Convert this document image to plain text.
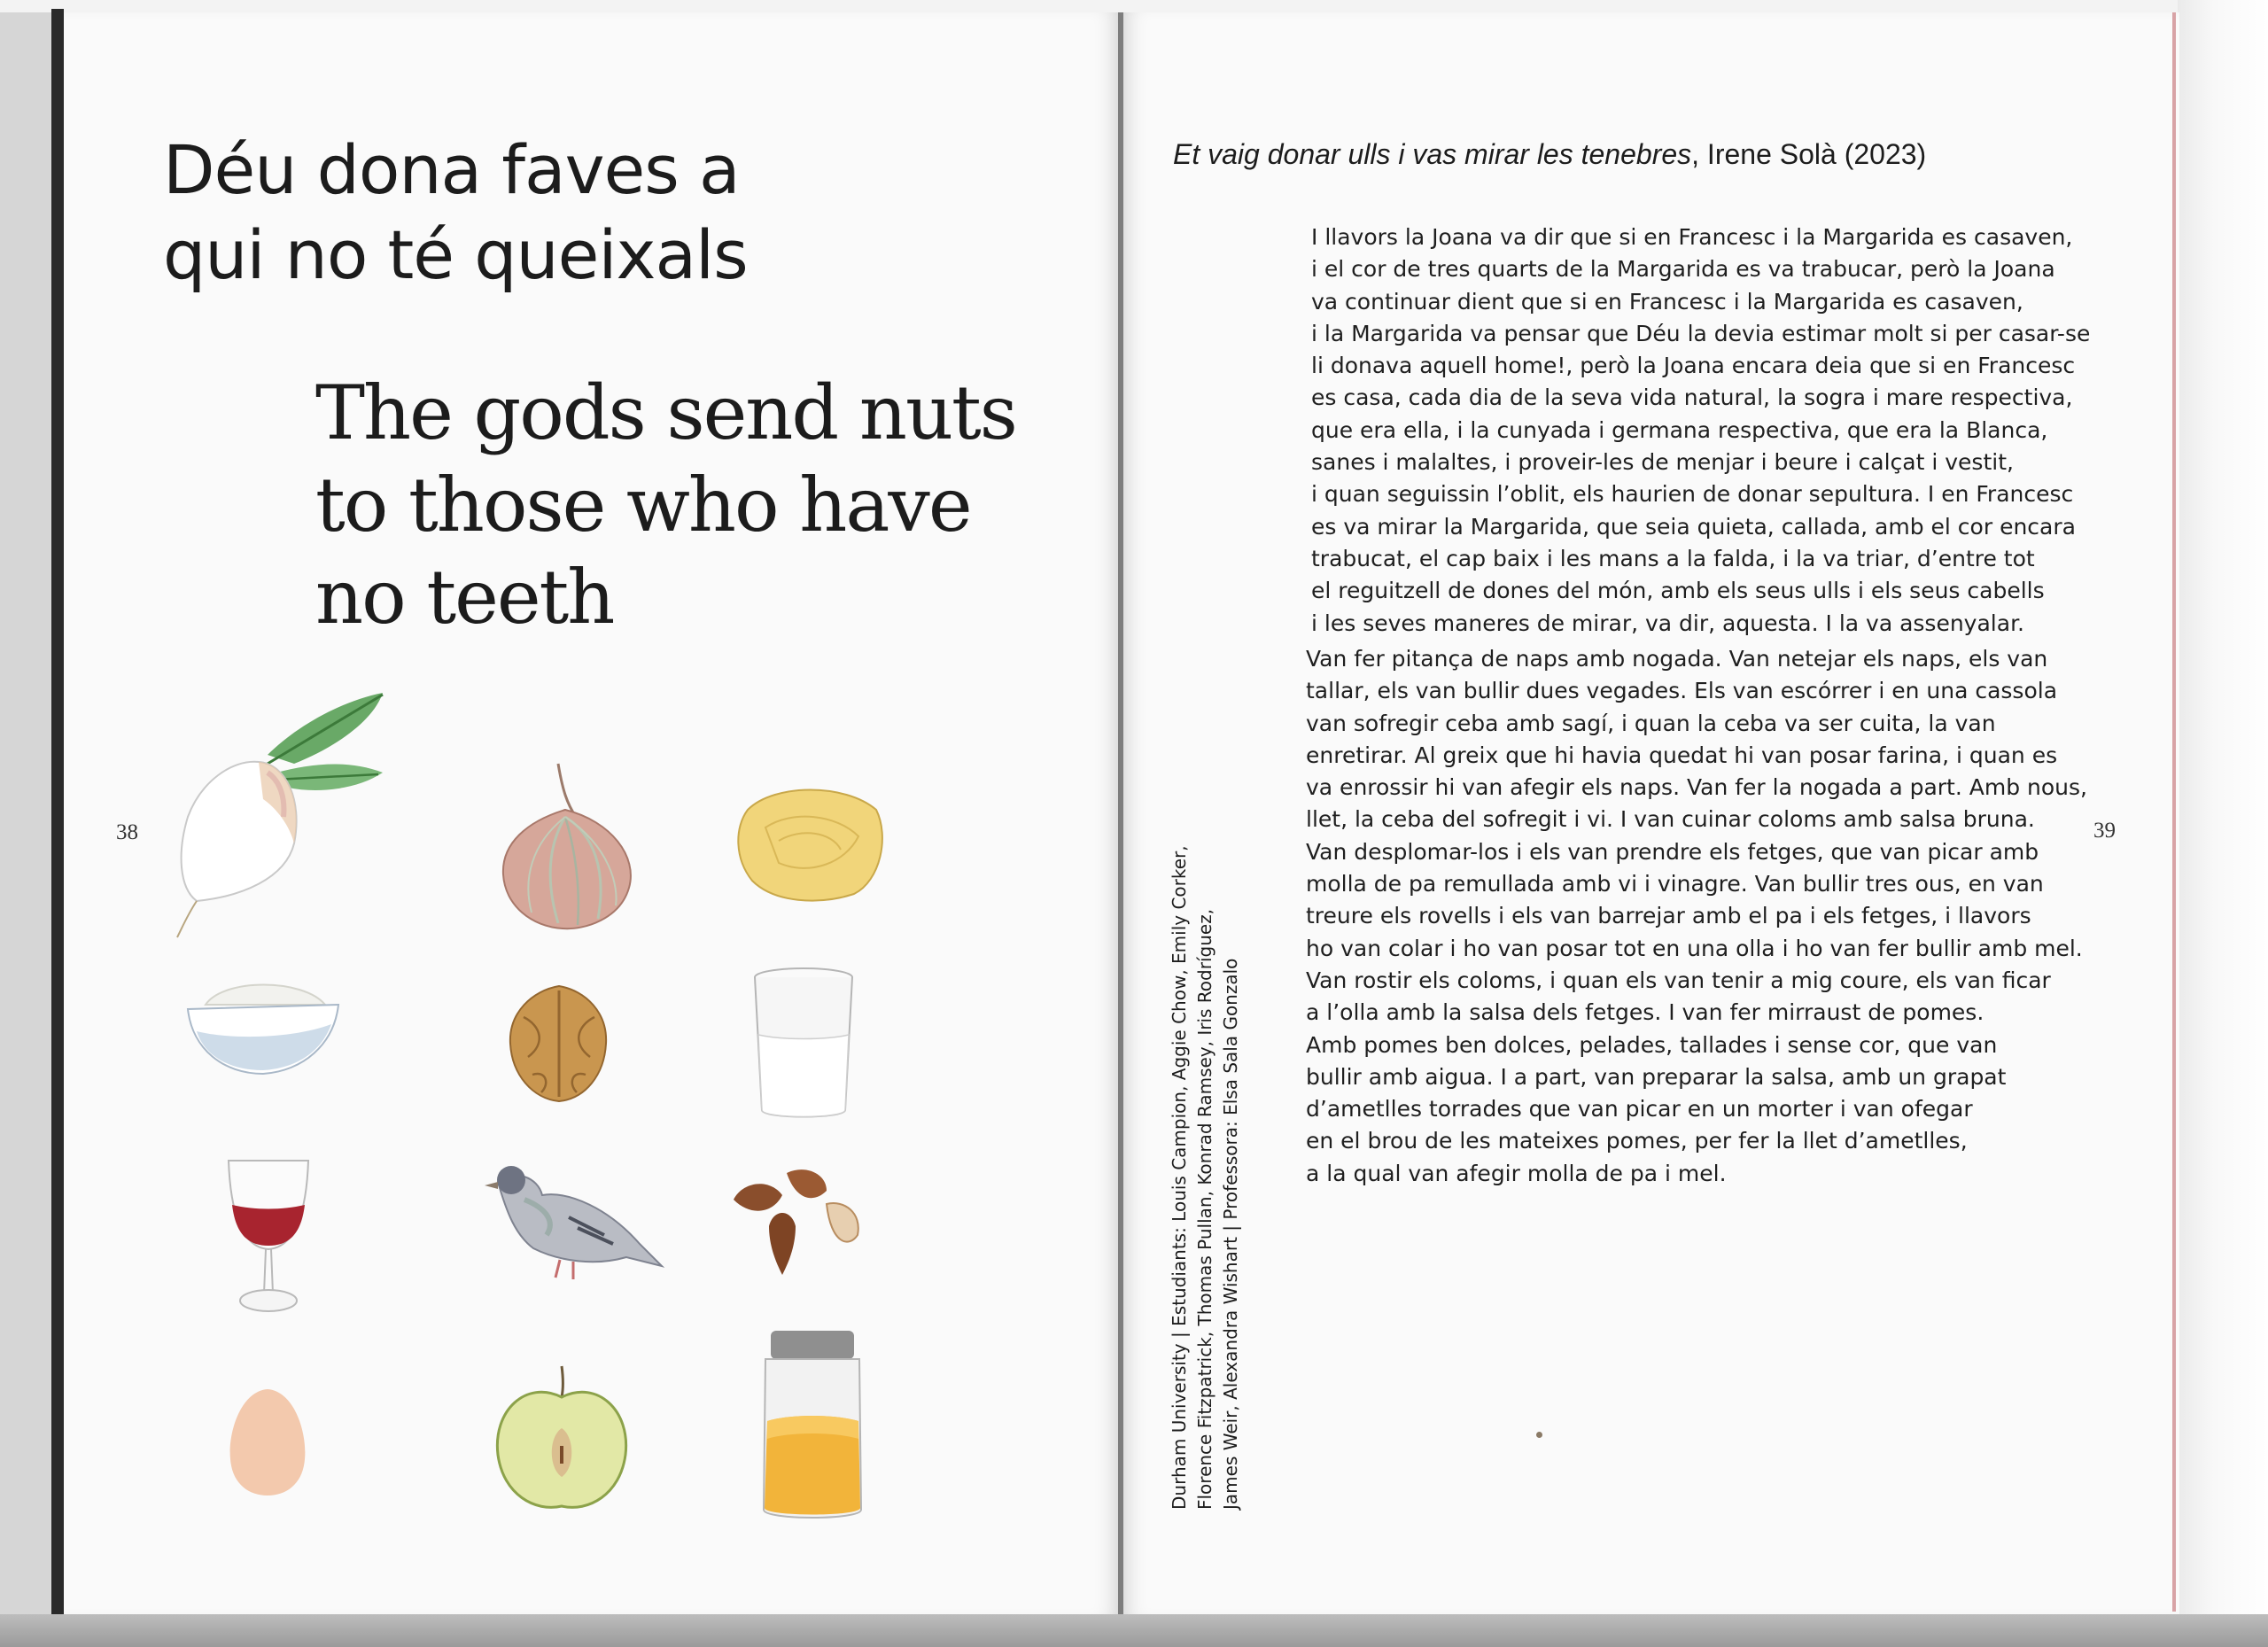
Déu dona faves a
qui no té queixals
The gods send nuts
to those who have
no teeth
38
Et vaig donar ulls i vas mirar les tenebres, Irene Solà (2023)
I llavors la Joana va dir que si en Francesc i la Margarida es casaven,
i el cor de tres quarts de la Margarida es va trabucar, però la Joana
va continuar dient que si en Francesc i la Margarida es casaven,
i la Margarida va pensar que Déu la devia estimar molt si per casar-se
li donava aquell home!, però la Joana encara deia que si en Francesc
es casa, cada dia de la seva vida natural, la sogra i mare respectiva,
que era ella, i la cunyada i germana respectiva, que era la Blanca,
sanes i malaltes, i proveir-les de menjar i beure i calçat i vestit,
i quan seguissin l’oblit, els haurien de donar sepultura. I en Francesc
es va mirar la Margarida, que seia quieta, callada, amb el cor encara
trabucat, el cap baix i les mans a la falda, i la va triar, d’entre tot
el reguitzell de dones del món, amb els seus ulls i els seus cabells
i les seves maneres de mirar, va dir, aquesta. I la va assenyalar.
Van fer pitança de naps amb nogada. Van netejar els naps, els van
tallar, els van bullir dues vegades. Els van escórrer i en una cassola
van sofregir ceba amb sagí, i quan la ceba va ser cuita, la van
enretirar. Al greix que hi havia quedat hi van posar farina, i quan es
va enrossir hi van afegir els naps. Van fer la nogada a part. Amb nous,
llet, la ceba del sofregit i vi. I van cuinar coloms amb salsa bruna.
Van desplomar-los i els van prendre els fetges, que van picar amb
molla de pa remullada amb vi i vinagre. Van bullir tres ous, en van
treure els rovells i els van barrejar amb el pa i els fetges, i llavors
ho van colar i ho van posar tot en una olla i ho van fer bullir amb mel.
Van rostir els coloms, i quan els van tenir a mig coure, els van ficar
a l’olla amb la salsa dels fetges. I van fer mirraust de pomes.
Amb pomes ben dolces, pelades, tallades i sense cor, que van
bullir amb aigua. I a part, van preparar la salsa, amb un grapat
d’ametlles torrades que van picar en un morter i van ofegar
en el brou de les mateixes pomes, per fer la llet d’ametlles,
a la qual van afegir molla de pa i mel.
Durham University | Estudiants: Louis Campion, Aggie Chow, Emily Corker, Florence Fitzpatrick, Thomas Pullan, Konrad Ramsey, Iris Rodríguez, James Weir, Alexandra Wishart | Professora: Elsa Sala Gonzalo
39
